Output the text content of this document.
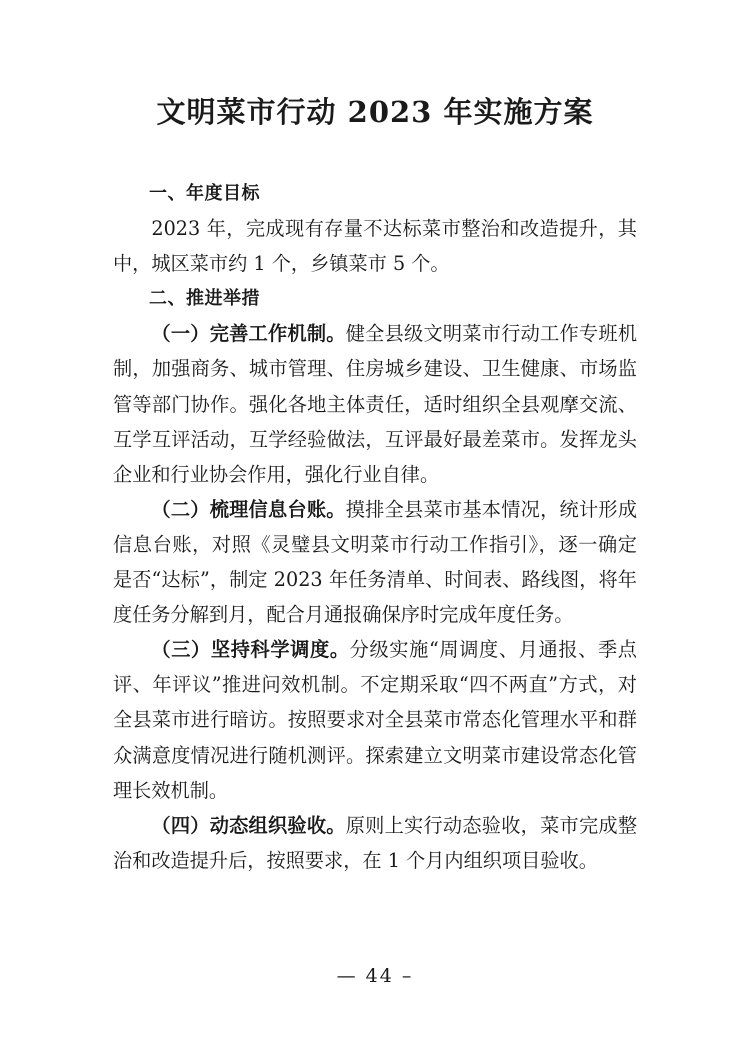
文明菜市行动 2023 年实施方案

一、年度目标

2023 年，完成现有存量不达标菜市整治和改造提升，其中，城区菜市约 1 个，乡镇菜市 5 个。

二、推进举措

（一）完善工作机制。健全县级文明菜市行动工作专班机制，加强商务、城市管理、住房城乡建设、卫生健康、市场监管等部门协作。强化各地主体责任，适时组织全县观摩交流、互学互评活动，互学经验做法，互评最好最差菜市。发挥龙头企业和行业协会作用，强化行业自律。

（二）梳理信息台账。摸排全县菜市基本情况，统计形成信息台账，对照《灵璧县文明菜市行动工作指引》，逐一确定是否“达标”，制定 2023 年任务清单、时间表、路线图，将年度任务分解到月，配合月通报确保序时完成年度任务。

（三）坚持科学调度。分级实施“周调度、月通报、季点评、年评议”推进问效机制。不定期采取“四不两直”方式，对全县菜市进行暗访。按照要求对全县菜市常态化管理水平和群众满意度情况进行随机测评。探索建立文明菜市建设常态化管理长效机制。

（四）动态组织验收。原则上实行动态验收，菜市完成整治和改造提升后，按照要求，在 1 个月内组织项目验收。

— 44 –
